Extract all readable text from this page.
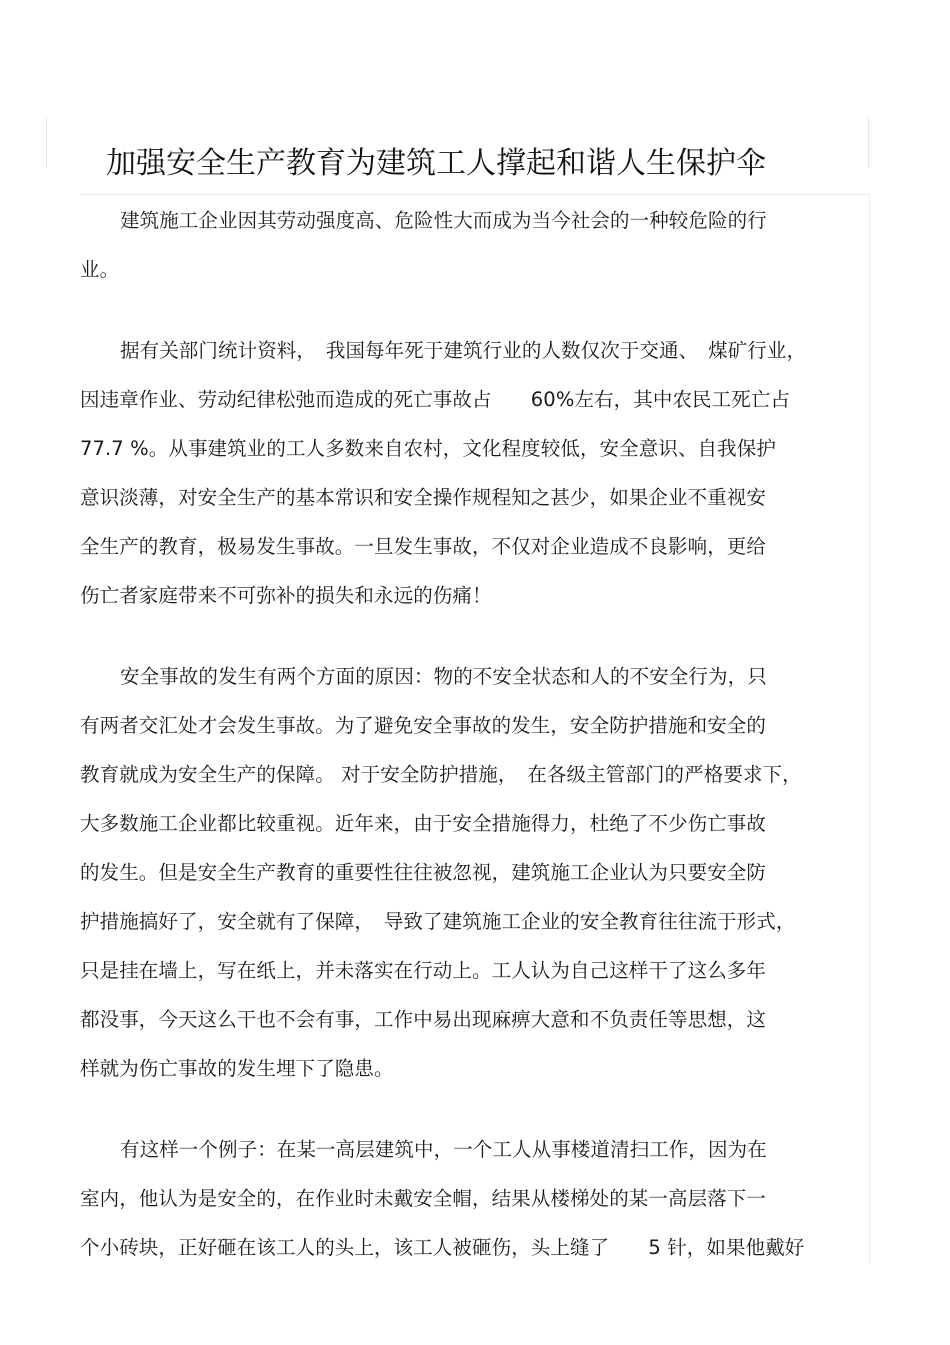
加强安全生产教育为建筑工人撑起和谐人生保护伞

建筑施工企业因其劳动强度高、危险性大而成为当今社会的一种较危险的行
业。

据有关部门统计资料，　我国每年死于建筑行业的人数仅次于交通、　煤矿行业，
因违章作业、劳动纪律松弛而造成的死亡事故占　　60%左右，其中农民工死亡占
77.7 %。从事建筑业的工人多数来自农村，文化程度较低，安全意识、自我保护
意识淡薄，对安全生产的基本常识和安全操作规程知之甚少，如果企业不重视安
全生产的教育，极易发生事故。一旦发生事故，不仅对企业造成不良影响，更给
伤亡者家庭带来不可弥补的损失和永远的伤痛！

安全事故的发生有两个方面的原因：物的不安全状态和人的不安全行为，只
有两者交汇处才会发生事故。为了避免安全事故的发生，安全防护措施和安全的
教育就成为安全生产的保障。 对于安全防护措施，　在各级主管部门的严格要求下，
大多数施工企业都比较重视。近年来，由于安全措施得力，杜绝了不少伤亡事故
的发生。但是安全生产教育的重要性往往被忽视，建筑施工企业认为只要安全防
护措施搞好了，安全就有了保障，　导致了建筑施工企业的安全教育往往流于形式，
只是挂在墙上，写在纸上，并未落实在行动上。工人认为自己这样干了这么多年
都没事，今天这么干也不会有事，工作中易出现麻痹大意和不负责任等思想，这
样就为伤亡事故的发生埋下了隐患。

有这样一个例子：在某一高层建筑中，一个工人从事楼道清扫工作，因为在
室内，他认为是安全的，在作业时未戴安全帽，结果从楼梯处的某一高层落下一
个小砖块，正好砸在该工人的头上，该工人被砸伤，头上缝了　　5 针，如果他戴好
